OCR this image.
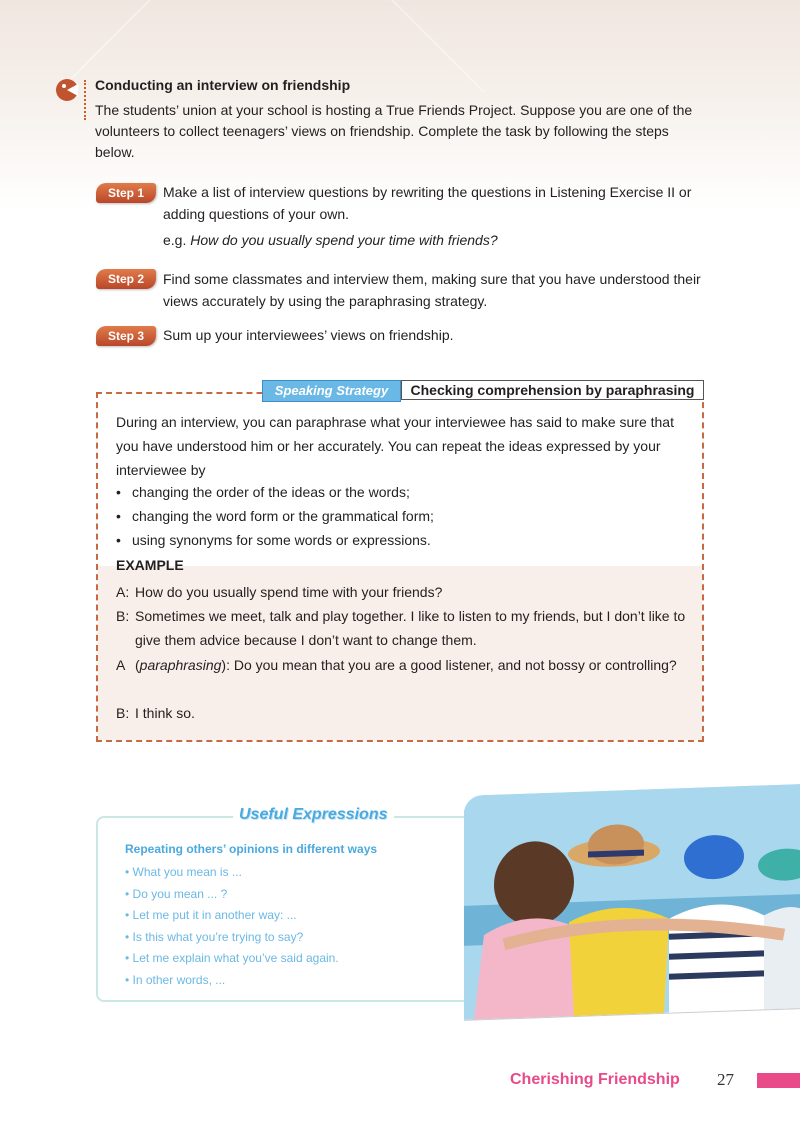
Conducting an interview on friendship
The students’ union at your school is hosting a True Friends Project. Suppose you are one of the volunteers to collect teenagers’ views on friendship. Complete the task by following the steps below.
Step 1	Make a list of interview questions by rewriting the questions in Listening Exercise II or adding questions of your own.
e.g. How do you usually spend your time with friends?
Step 2	Find some classmates and interview them, making sure that you have understood their views accurately by using the paraphrasing strategy.
Step 3	Sum up your interviewees’ views on friendship.
Speaking Strategy	Checking comprehension by paraphrasing
During an interview, you can paraphrase what your interviewee has said to make sure that you have understood him or her accurately. You can repeat the ideas expressed by your interviewee by
• changing the order of the ideas or the words;
• changing the word form or the grammatical form;
• using synonyms for some words or expressions.
EXAMPLE
A: How do you usually spend time with your friends?
B: Sometimes we meet, talk and play together. I like to listen to my friends, but I don’t like to give them advice because I don’t want to change them.
A (paraphrasing): Do you mean that you are a good listener, and not bossy or controlling?
B: I think so.
Useful Expressions
Repeating others’ opinions in different ways
• What you mean is ...
• Do you mean ... ?
• Let me put it in another way: ...
• Is this what you’re trying to say?
• Let me explain what you’ve said again.
• In other words, ...
Cherishing Friendship 27
